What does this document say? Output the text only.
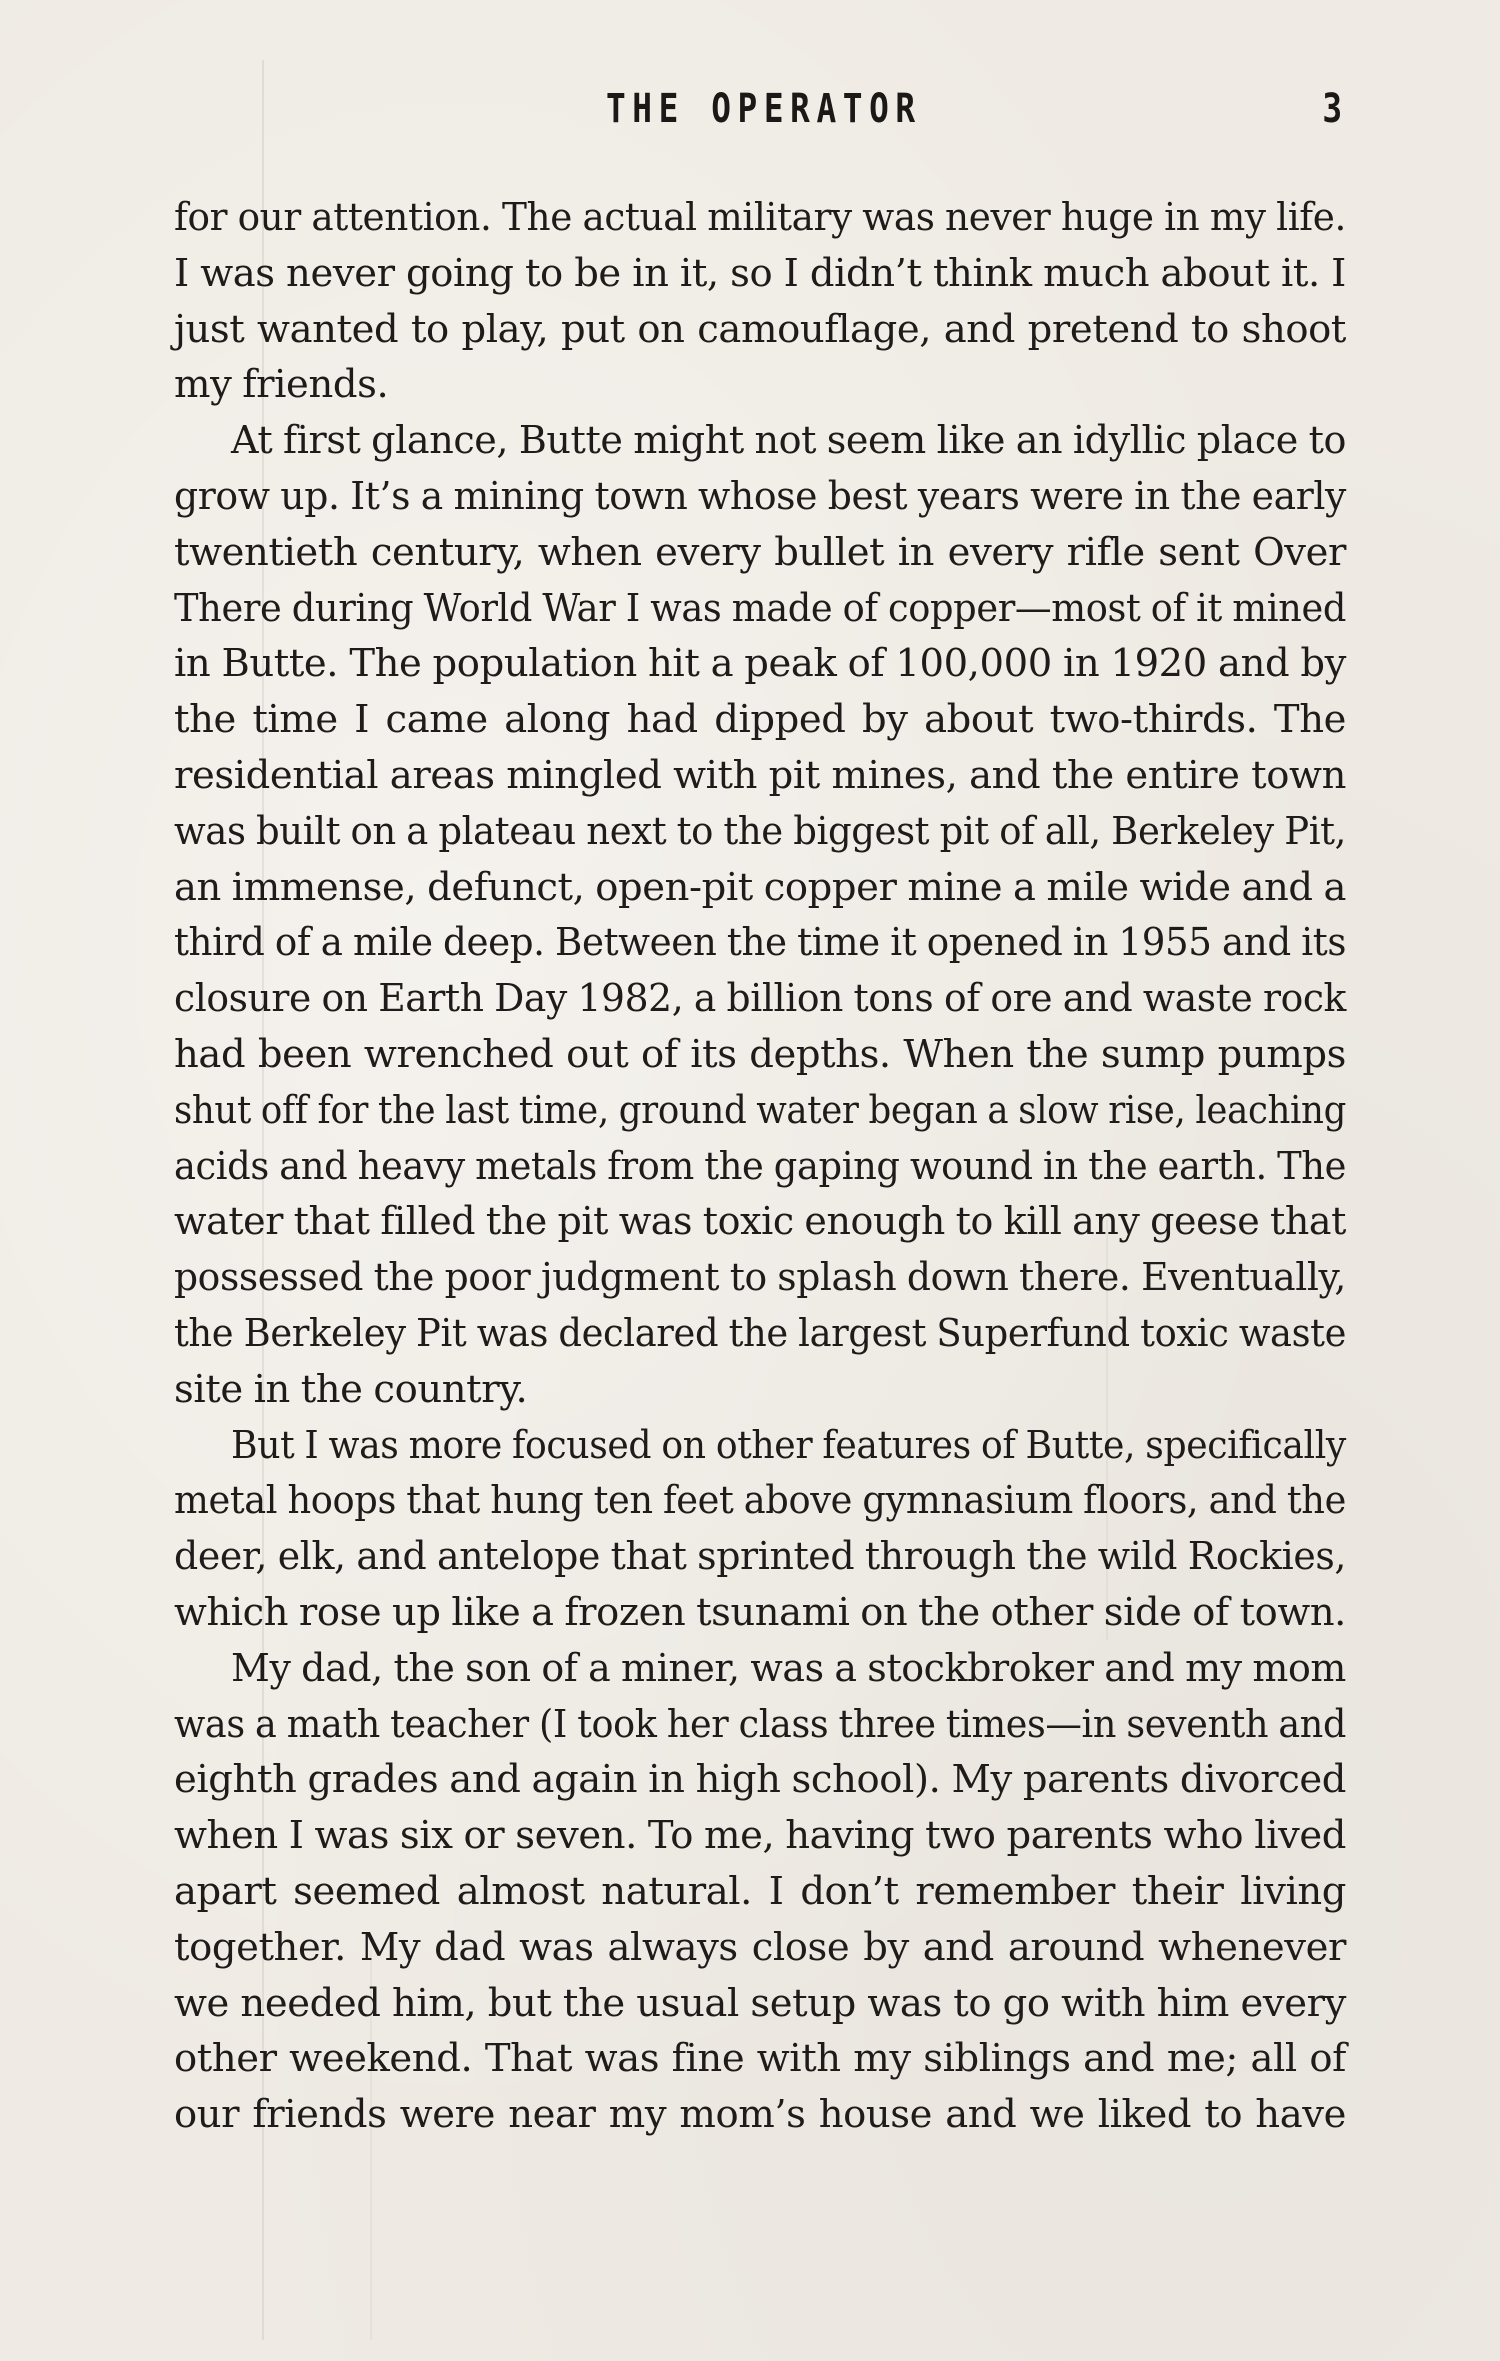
THE OPERATOR	3
for our attention. The actual military was never huge in my life.
I was never going to be in it, so I didn’t think much about it. I
just wanted to play, put on camouflage, and pretend to shoot
my friends.
At first glance, Butte might not seem like an idyllic place to
grow up. It’s a mining town whose best years were in the early
twentieth century, when every bullet in every rifle sent Over
There during World War I was made of copper—most of it mined
in Butte. The population hit a peak of 100,000 in 1920 and by
the time I came along had dipped by about two-thirds. The
residential areas mingled with pit mines, and the entire town
was built on a plateau next to the biggest pit of all, Berkeley Pit,
an immense, defunct, open-pit copper mine a mile wide and a
third of a mile deep. Between the time it opened in 1955 and its
closure on Earth Day 1982, a billion tons of ore and waste rock
had been wrenched out of its depths. When the sump pumps
shut off for the last time, ground water began a slow rise, leaching
acids and heavy metals from the gaping wound in the earth. The
water that filled the pit was toxic enough to kill any geese that
possessed the poor judgment to splash down there. Eventually,
the Berkeley Pit was declared the largest Superfund toxic waste
site in the country.
But I was more focused on other features of Butte, specifically
metal hoops that hung ten feet above gymnasium floors, and the
deer, elk, and antelope that sprinted through the wild Rockies,
which rose up like a frozen tsunami on the other side of town.
My dad, the son of a miner, was a stockbroker and my mom
was a math teacher (I took her class three times—in seventh and
eighth grades and again in high school). My parents divorced
when I was six or seven. To me, having two parents who lived
apart seemed almost natural. I don’t remember their living
together. My dad was always close by and around whenever
we needed him, but the usual setup was to go with him every
other weekend. That was fine with my siblings and me; all of
our friends were near my mom’s house and we liked to have
